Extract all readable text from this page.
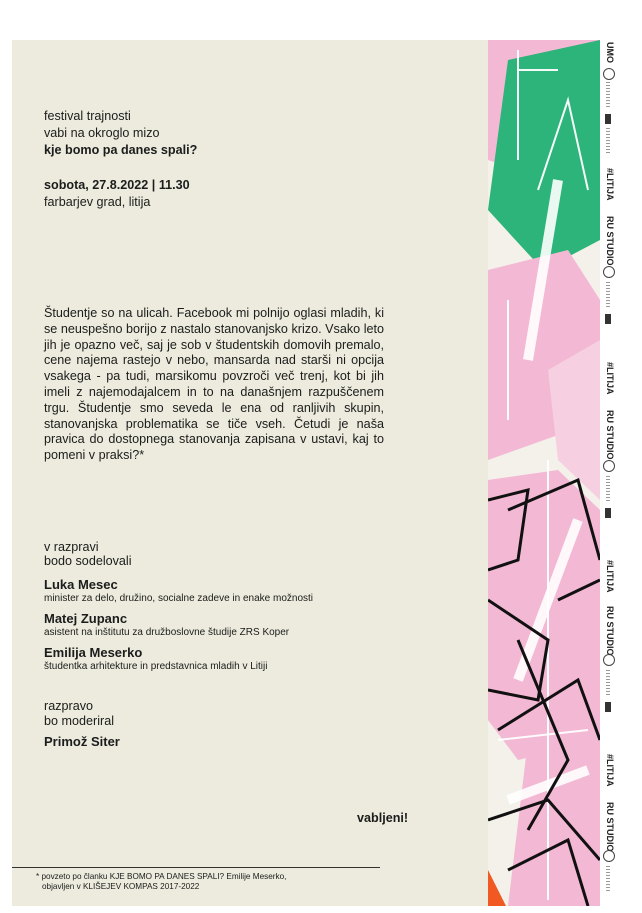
festival trajnosti
vabi na okroglo mizo
kje bomo pa danes spali?
sobota, 27.8.2022 | 11.30
farbarjev grad, litija
Študentje so na ulicah. Facebook mi polnijo oglasi mladih, ki se neuspešno borijo z nastalo stanovanjsko krizo. Vsako leto jih je opazno več, saj je sob v študentskih domovih premalo, cene najema rastejo v nebo, mansarda nad starši ni opcija vsakega - pa tudi, marsikomu povzroči več trenj, kot bi jih imeli z najemodajalcem in to na današnjem razpuščenem trgu. Študentje smo seveda le ena od ranljivih skupin, stanovanjska problematika se tiče vseh. Četudi je naša pravica do dostopnega stanovanja zapisana v ustavi, kaj to pomeni v praksi?*
v razpravi
bodo sodelovali
Luka Mesec
minister za delo, družino, socialne zadeve in enake možnosti
Matej Zupanc
asistent na inštitutu za družboslovne študije ZRS Koper
Emilija Meserko
študentka arhitekture in predstavnica mladih v Litiji
razpravo
bo moderiral
Primož Siter
vabljeni!
* povzeto po članku KJE BOMO PA DANES SPALI? Emilije Meserko,
objavljen v KLIŠEJEV KOMPAS 2017-2022
UMO
#LITIJA
RU STUDIO
#LITIJA
RU STUDIO
#LITIJA
RU STUDIO
#LITIJA
RU STUDIO
